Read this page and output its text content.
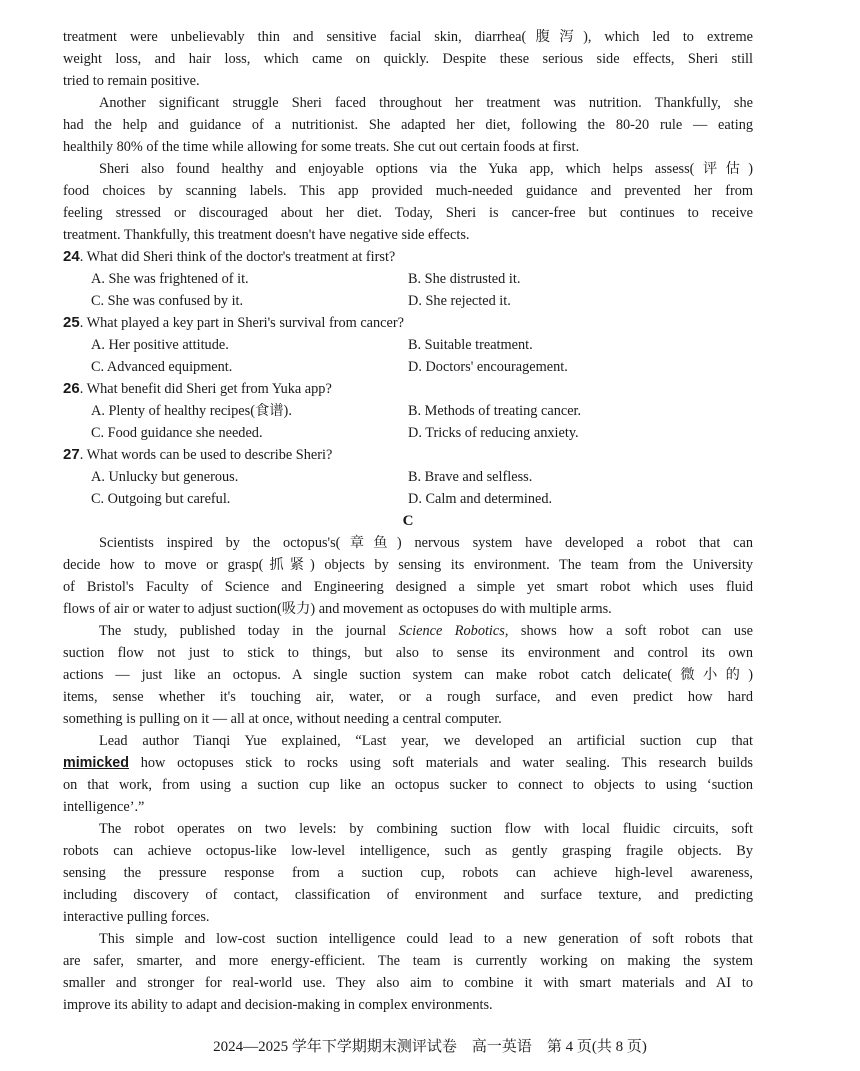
treatment were unbelievably thin and sensitive facial skin, diarrhea(腹泻), which led to extreme
weight loss, and hair loss, which came on quickly. Despite these serious side effects, Sheri still
tried to remain positive.
Another significant struggle Sheri faced throughout her treatment was nutrition. Thankfully, she
had the help and guidance of a nutritionist. She adapted her diet, following the 80-20 rule — eating
healthily 80% of the time while allowing for some treats. She cut out certain foods at first.
Sheri also found healthy and enjoyable options via the Yuka app, which helps assess(评估)
food choices by scanning labels. This app provided much-needed guidance and prevented her from
feeling stressed or discouraged about her diet. Today, Sheri is cancer-free but continues to receive
treatment. Thankfully, this treatment doesn't have negative side effects.
24. What did Sheri think of the doctor's treatment at first?
A. She was frightened of it.	B. She distrusted it.
C. She was confused by it.	D. She rejected it.
25. What played a key part in Sheri's survival from cancer?
A. Her positive attitude.	B. Suitable treatment.
C. Advanced equipment.	D. Doctors' encouragement.
26. What benefit did Sheri get from Yuka app?
A. Plenty of healthy recipes(食谱).	B. Methods of treating cancer.
C. Food guidance she needed.	D. Tricks of reducing anxiety.
27. What words can be used to describe Sheri?
A. Unlucky but generous.	B. Brave and selfless.
C. Outgoing but careful.	D. Calm and determined.
C
Scientists inspired by the octopus's(章鱼) nervous system have developed a robot that can
decide how to move or grasp(抓紧) objects by sensing its environment. The team from the University
of Bristol's Faculty of Science and Engineering designed a simple yet smart robot which uses fluid
flows of air or water to adjust suction(吸力) and movement as octopuses do with multiple arms.
The study, published today in the journal Science Robotics, shows how a soft robot can use
suction flow not just to stick to things, but also to sense its environment and control its own
actions — just like an octopus. A single suction system can make robot catch delicate(微小的)
items, sense whether it's touching air, water, or a rough surface, and even predict how hard
something is pulling on it — all at once, without needing a central computer.
Lead author Tianqi Yue explained, “Last year, we developed an artificial suction cup that
mimicked how octopuses stick to rocks using soft materials and water sealing. This research builds
on that work, from using a suction cup like an octopus sucker to connect to objects to using ‘suction
intelligence’.”
The robot operates on two levels: by combining suction flow with local fluidic circuits, soft
robots can achieve octopus-like low-level intelligence, such as gently grasping fragile objects. By
sensing the pressure response from a suction cup, robots can achieve high-level awareness,
including discovery of contact, classification of environment and surface texture, and predicting
interactive pulling forces.
This simple and low-cost suction intelligence could lead to a new generation of soft robots that
are safer, smarter, and more energy-efficient. The team is currently working on making the system
smaller and stronger for real-world use. They also aim to combine it with smart materials and AI to
improve its ability to adapt and decision-making in complex environments.
2024—2025 学年下学期期末测评试卷　高一英语　第 4 页(共 8 页)
